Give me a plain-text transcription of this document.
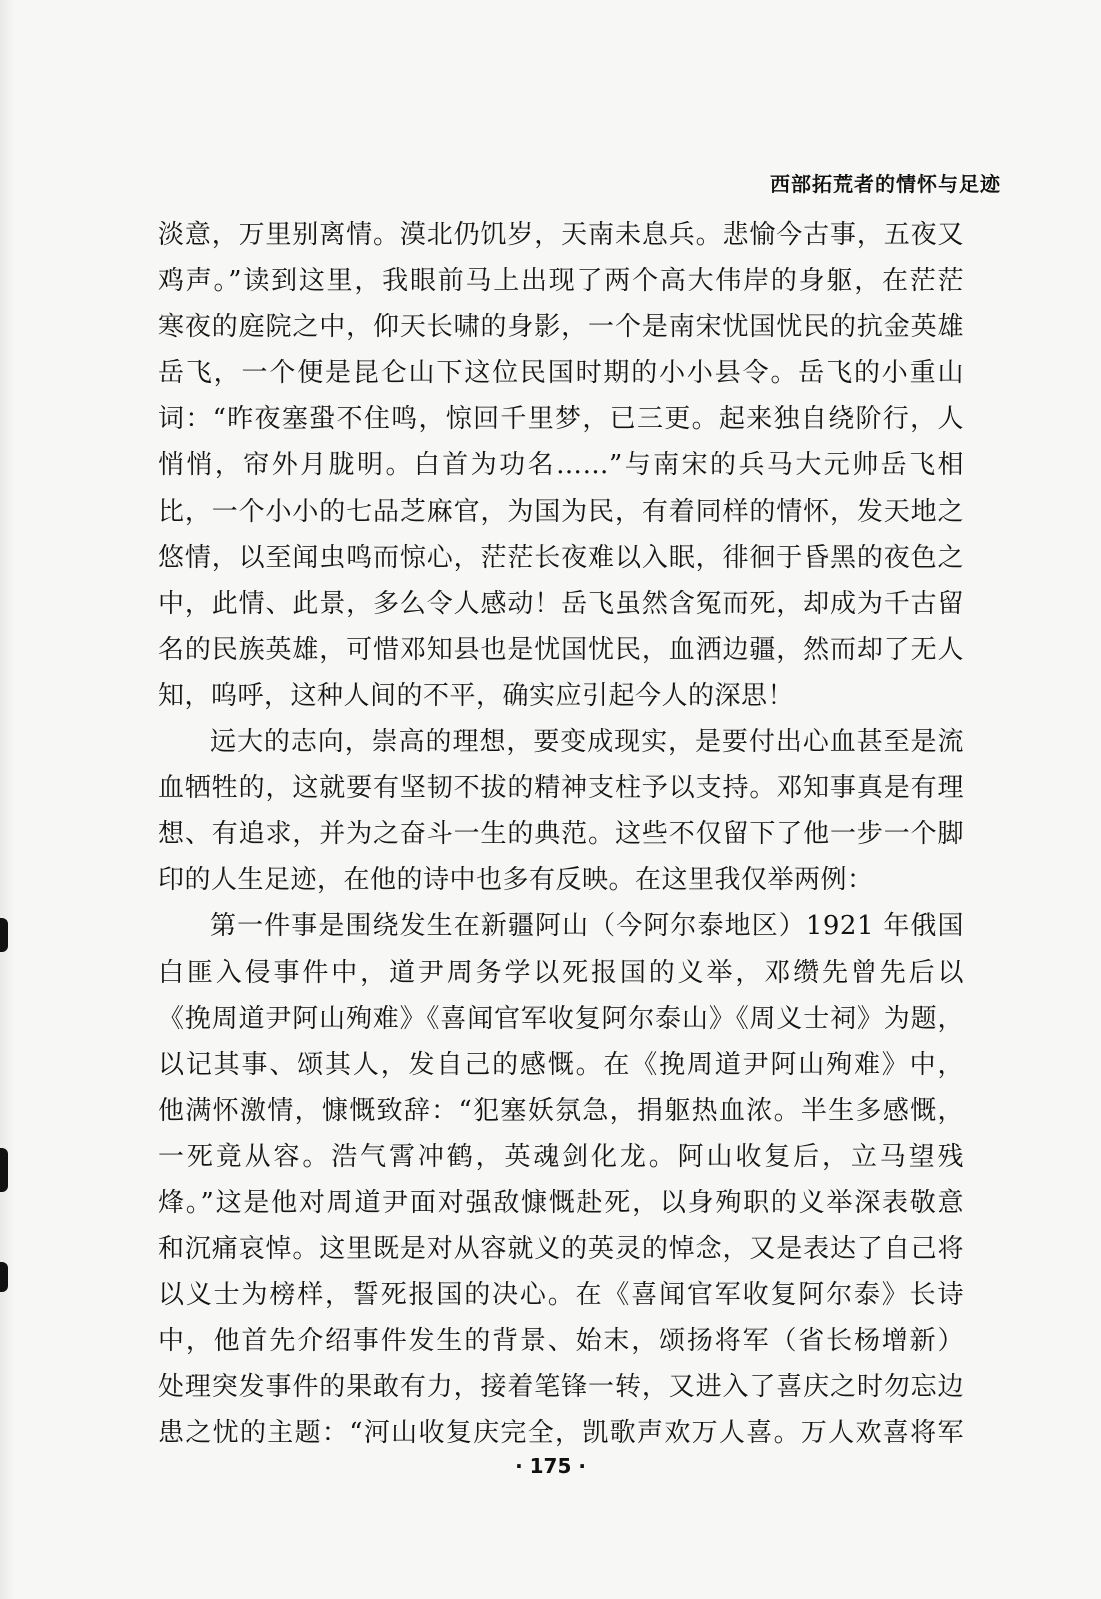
西部拓荒者的情怀与足迹
淡意，万里别离情。漠北仍饥岁，天南未息兵。悲愉今古事，五夜又
鸡声。”读到这里，我眼前马上出现了两个高大伟岸的身躯，在茫茫
寒夜的庭院之中，仰天长啸的身影，一个是南宋忧国忧民的抗金英雄
岳飞，一个便是昆仑山下这位民国时期的小小县令。岳飞的小重山
词：“昨夜塞蛩不住鸣，惊回千里梦，已三更。起来独自绕阶行，人
悄悄，帘外月胧明。白首为功名……”与南宋的兵马大元帅岳飞相
比，一个小小的七品芝麻官，为国为民，有着同样的情怀，发天地之
悠情，以至闻虫鸣而惊心，茫茫长夜难以入眠，徘徊于昏黑的夜色之
中，此情、此景，多么令人感动！岳飞虽然含冤而死，却成为千古留
名的民族英雄，可惜邓知县也是忧国忧民，血洒边疆，然而却了无人
知，呜呼，这种人间的不平，确实应引起今人的深思！
远大的志向，崇高的理想，要变成现实，是要付出心血甚至是流
血牺牲的，这就要有坚韧不拔的精神支柱予以支持。邓知事真是有理
想、有追求，并为之奋斗一生的典范。这些不仅留下了他一步一个脚
印的人生足迹，在他的诗中也多有反映。在这里我仅举两例：
第一件事是围绕发生在新疆阿山（今阿尔泰地区）1921 年俄国
白匪入侵事件中，道尹周务学以死报国的义举，邓缵先曾先后以
《挽周道尹阿山殉难》《喜闻官军收复阿尔泰山》《周义士祠》为题，
以记其事、颂其人，发自己的感慨。在《挽周道尹阿山殉难》中，
他满怀激情，慷慨致辞：“犯塞妖氛急，捐躯热血浓。半生多感慨，
一死竟从容。浩气霄冲鹤，英魂剑化龙。阿山收复后，立马望残
烽。”这是他对周道尹面对强敌慷慨赴死，以身殉职的义举深表敬意
和沉痛哀悼。这里既是对从容就义的英灵的悼念，又是表达了自己将
以义士为榜样，誓死报国的决心。在《喜闻官军收复阿尔泰》长诗
中，他首先介绍事件发生的背景、始末，颂扬将军（省长杨增新）
处理突发事件的果敢有力，接着笔锋一转，又进入了喜庆之时勿忘边
患之忧的主题：“河山收复庆完全，凯歌声欢万人喜。万人欢喜将军
· 175 ·
